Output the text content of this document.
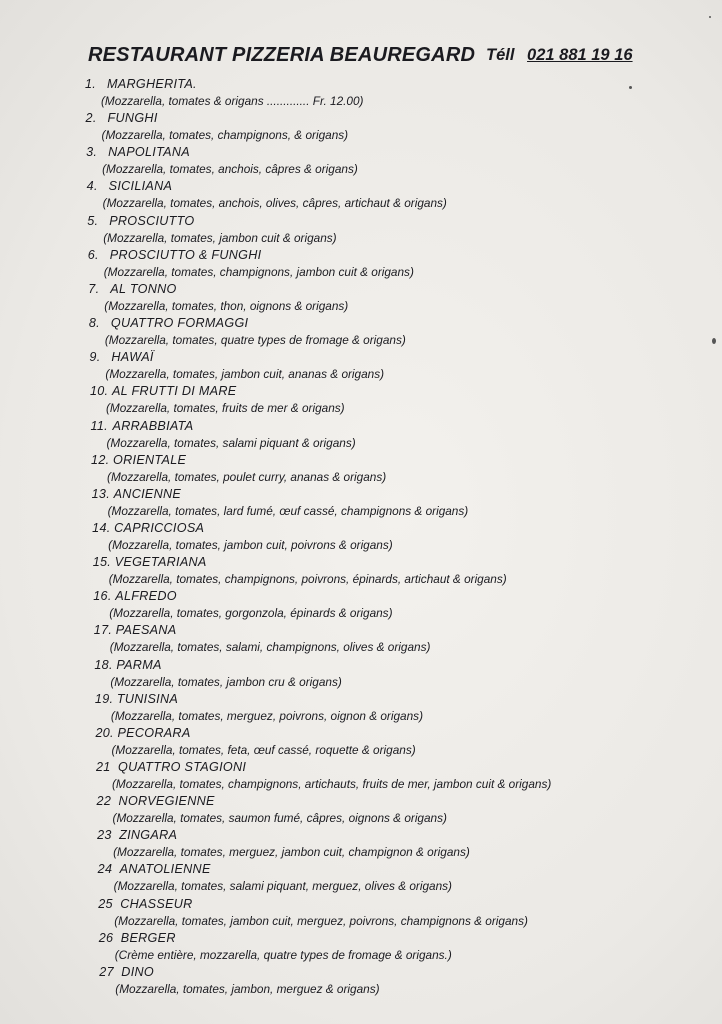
RESTAURANT PIZZERIA BEAUREGARD Téll 021 881 19 16
1. MARGHERITA.
(Mozzarella, tomates & origans ............. Fr. 12.00)
2. FUNGHI
(Mozzarella, tomates, champignons, & origans)
3. NAPOLITANA
(Mozzarella, tomates, anchois, câpres & origans)
4. SICILIANA
(Mozzarella, tomates, anchois, olives, câpres, artichaut & origans)
5. PROSCIUTTO
(Mozzarella, tomates, jambon cuit & origans)
6. PROSCIUTTO & FUNGHI
(Mozzarella, tomates, champignons, jambon cuit & origans)
7. AL TONNO
(Mozzarella, tomates, thon, oignons & origans)
8. QUATTRO FORMAGGI
(Mozzarella, tomates, quatre types de fromage & origans)
9. HAWAÏ
(Mozzarella, tomates, jambon cuit, ananas & origans)
10. AL FRUTTI DI MARE
(Mozzarella, tomates, fruits de mer & origans)
11. ARRABBIATA
(Mozzarella, tomates, salami piquant & origans)
12. ORIENTALE
(Mozzarella, tomates, poulet curry, ananas & origans)
13. ANCIENNE
(Mozzarella, tomates, lard fumé, œuf cassé, champignons & origans)
14. CAPRICCIOSA
(Mozzarella, tomates, jambon cuit, poivrons & origans)
15. VEGETARIANA
(Mozzarella, tomates, champignons, poivrons, épinards, artichaut & origans)
16. ALFREDO
(Mozzarella, tomates, gorgonzola, épinards & origans)
17. PAESANA
(Mozzarella, tomates, salami, champignons, olives & origans)
18. PARMA
(Mozzarella, tomates, jambon cru & origans)
19. TUNISINA
(Mozzarella, tomates, merguez, poivrons, oignon & origans)
20. PECORARA
(Mozzarella, tomates, feta, œuf cassé, roquette & origans)
21 QUATTRO STAGIONI
(Mozzarella, tomates, champignons, artichauts, fruits de mer, jambon cuit & origans)
22 NORVEGIENNE
(Mozzarella, tomates, saumon fumé, câpres, oignons & origans)
23 ZINGARA
(Mozzarella, tomates, merguez, jambon cuit, champignon & origans)
24 ANATOLIENNE
(Mozzarella, tomates, salami piquant, merguez, olives & origans)
25 CHASSEUR
(Mozzarella, tomates, jambon cuit, merguez, poivrons, champignons & origans)
26 BERGER
(Crème entière, mozzarella, quatre types de fromage & origans.)
27 DINO
(Mozzarella, tomates, jambon, merguez & origans)
